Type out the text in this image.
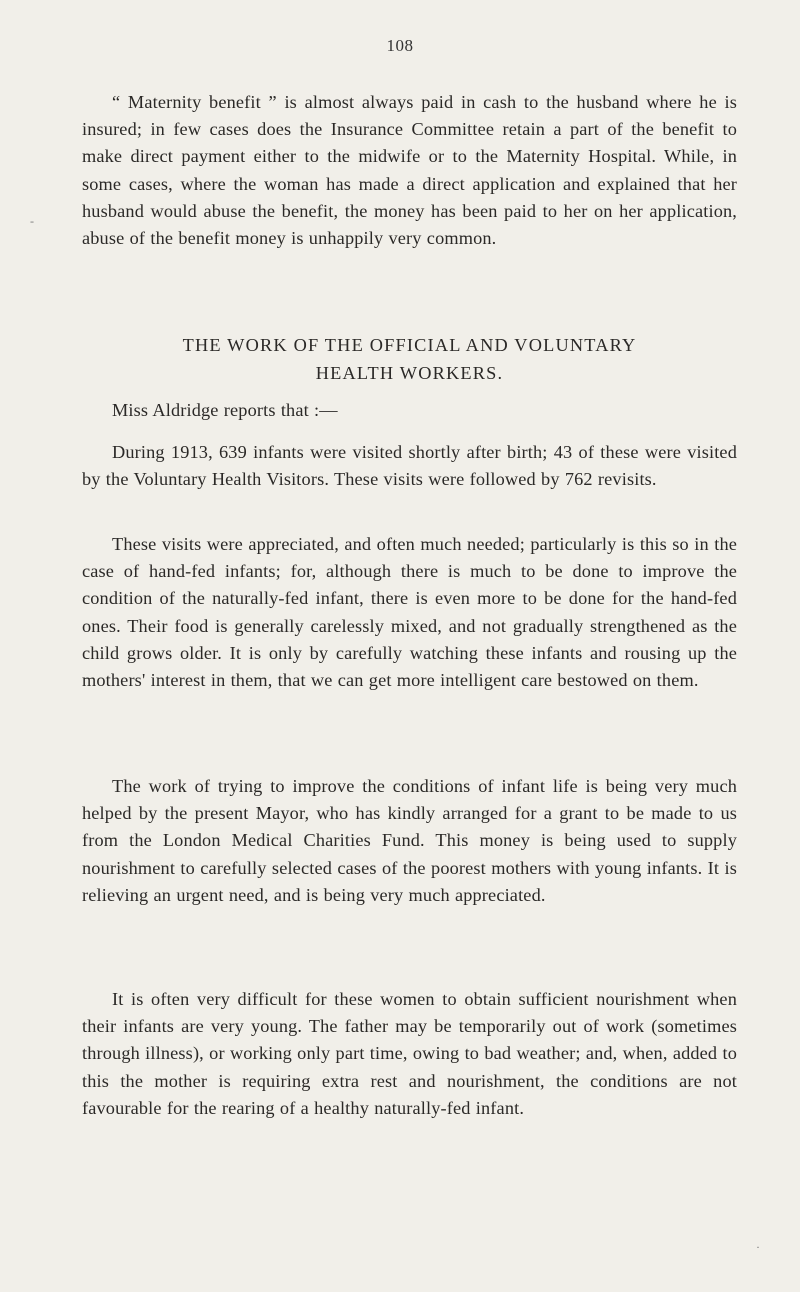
108

“ Maternity benefit ” is almost always paid in cash to the husband where he is insured; in few cases does the Insurance Committee retain a part of the benefit to make direct payment either to the midwife or to the Maternity Hospital. While, in some cases, where the woman has made a direct application and explained that her husband would abuse the benefit, the money has been paid to her on her application, abuse of the benefit money is unhappily very common.

THE WORK OF THE OFFICIAL AND VOLUNTARY
HEALTH WORKERS.

Miss Aldridge reports that :—

During 1913, 639 infants were visited shortly after birth; 43 of these were visited by the Voluntary Health Visitors. These visits were followed by 762 revisits.

These visits were appreciated, and often much needed; particularly is this so in the case of hand-fed infants; for, although there is much to be done to improve the condition of the naturally-fed infant, there is even more to be done for the hand-fed ones. Their food is generally carelessly mixed, and not gradually strengthened as the child grows older. It is only by carefully watching these infants and rousing up the mothers' interest in them, that we can get more intelligent care bestowed on them.

The work of trying to improve the conditions of infant life is being very much helped by the present Mayor, who has kindly arranged for a grant to be made to us from the London Medical Charities Fund. This money is being used to supply nourishment to carefully selected cases of the poorest mothers with young infants. It is relieving an urgent need, and is being very much appreciated.

It is often very difficult for these women to obtain sufficient nourishment when their infants are very young. The father may be temporarily out of work (sometimes through illness), or working only part time, owing to bad weather; and, when, added to this the mother is requiring extra rest and nourishment, the conditions are not favourable for the rearing of a healthy naturally-fed infant.

-
·
